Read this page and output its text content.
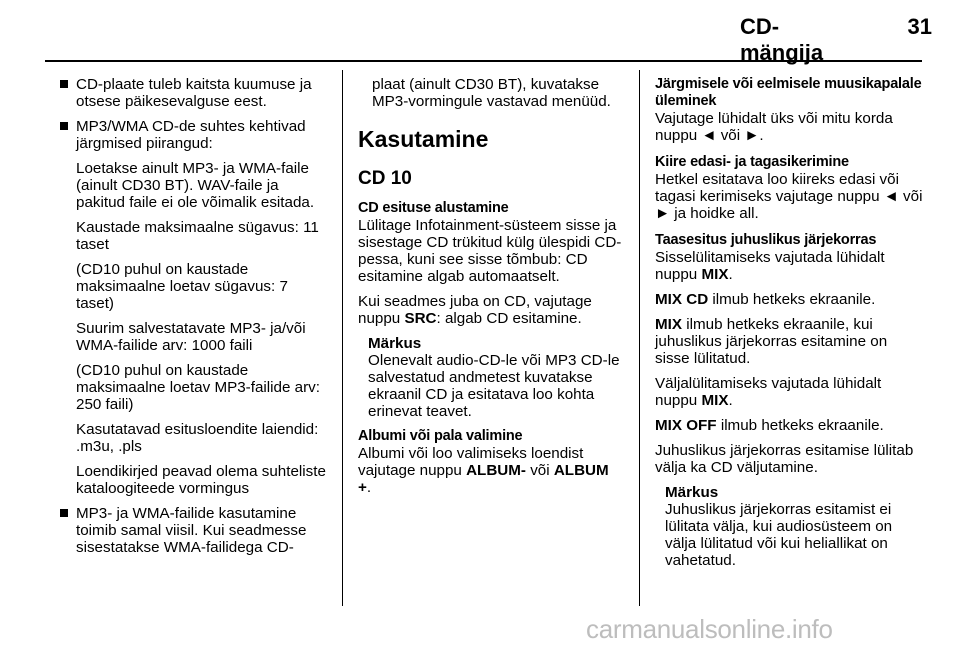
CD-mängija
31
CD-plaate tuleb kaitsta kuumuse ja otsese päikesevalguse eest.
MP3/WMA CD-de suhtes kehtivad järgmised piirangud:

Loetakse ainult MP3- ja WMA-faile (ainult CD30 BT). WAV-faile ja pakitud faile ei ole võimalik esitada.

Kaustade maksimaalne sügavus: 11 taset

(CD10 puhul on kaustade maksimaalne loetav sügavus: 7 taset)

Suurim salvestatavate MP3- ja/või WMA-failide arv: 1000 faili

(CD10 puhul on kaustade maksimaalne loetav MP3-failide arv: 250 faili)

Kasutatavad esitusloendite laiendid: .m3u, .pls

Loendikirjed peavad olema suhteliste kataloogiteede vormingus

MP3- ja WMA-failide kasutamine toimib samal viisil. Kui seadmesse sisestatakse WMA-failidega CD-

plaat (ainult CD30 BT), kuvatakse MP3-vormingule vastavad menüüd.

Kasutamine
CD 10
CD esituse alustamine

Lülitage Infotainment-süsteem sisse ja sisestage CD trükitud külg ülespidi CD-pessa, kuni see sisse tõmbub: CD esitamine algab automaatselt.

Kui seadmes juba on CD, vajutage nuppu SRC: algab CD esitamine.

Märkus
Olenevalt audio-CD-le või MP3 CD-le salvestatud andmetest kuvatakse ekraanil CD ja esitatava loo kohta erinevat teavet.
Albumi või pala valimine

Albumi või loo valimiseks loendist vajutage nuppu ALBUM- või ALBUM +.

Järgmisele või eelmisele muusikapalale üleminek

Vajutage lühidalt üks või mitu korda nuppu ◄ või ►.

Kiire edasi- ja tagasikerimine

Hetkel esitatava loo kiireks edasi või tagasi kerimiseks vajutage nuppu ◄ või ► ja hoidke all.

Taasesitus juhuslikus järjekorras

Sisselülitamiseks vajutada lühidalt nuppu MIX.

MIX CD ilmub hetkeks ekraanile.

MIX ilmub hetkeks ekraanile, kui juhuslikus järjekorras esitamine on sisse lülitatud.

Väljalülitamiseks vajutada lühidalt nuppu MIX.

MIX OFF ilmub hetkeks ekraanile.

Juhuslikus järjekorras esitamise lülitab välja ka CD väljutamine.

Märkus
Juhuslikus järjekorras esitamist ei lülitata välja, kui audiosüsteem on välja lülitatud või kui heliallikat on vahetatud.
carmanualsonline.info
